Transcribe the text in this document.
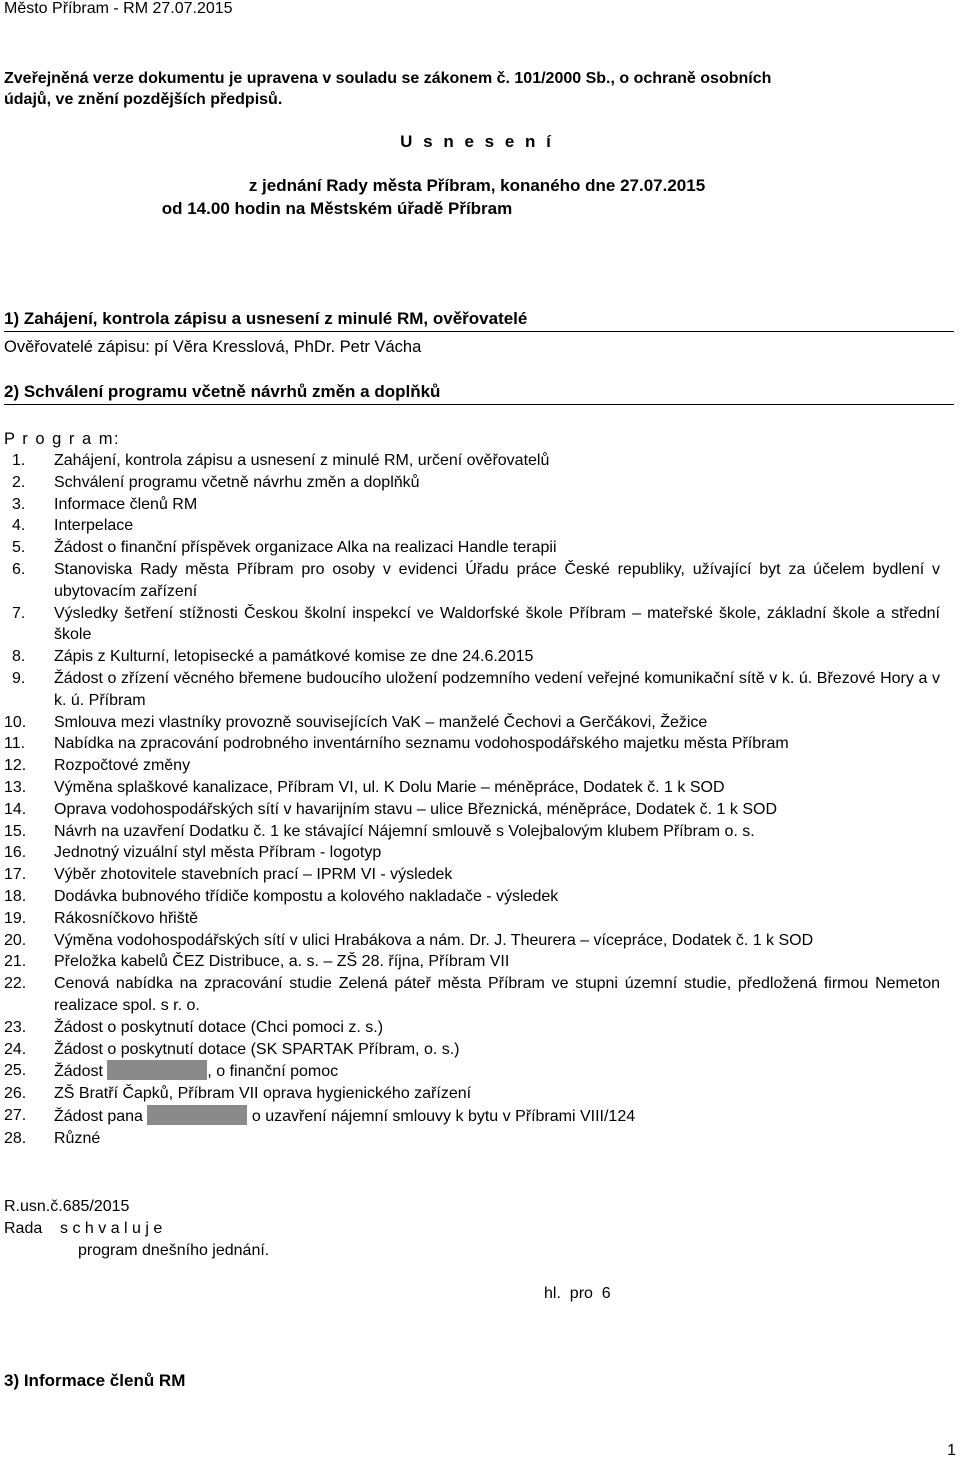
Město Příbram - RM 27.07.2015
Zveřejněná verze dokumentu je upravena v souladu se zákonem č. 101/2000 Sb., o ochraně osobních
údajů, ve znění pozdějších předpisů.
U s n e s e n í
z jednání Rady města Příbram, konaného dne 27.07.2015
od 14.00 hodin na Městském úřadě Příbram
1) Zahájení, kontrola zápisu a usnesení z minulé RM, ověřovatelé
Ověřovatelé zápisu: pí Věra Kresslová, PhDr. Petr Vácha
2) Schválení programu včetně návrhů změn a doplňků
P r o g r a m:
1.	Zahájení, kontrola zápisu a usnesení z minulé RM, určení ověřovatelů
2.	Schválení programu včetně návrhu změn a doplňků
3.	Informace členů RM
4.	Interpelace
5.	Žádost o finanční příspěvek organizace Alka na realizaci Handle terapii
6.	Stanoviska Rady města Příbram pro osoby v evidenci Úřadu práce České republiky, užívající byt za účelem bydlení v ubytovacím zařízení
7.	Výsledky šetření stížnosti Českou školní inspekcí ve Waldorfské škole Příbram – mateřské škole, základní škole a střední škole
8.	Zápis z Kulturní, letopisecké a památkové komise ze dne 24.6.2015
9.	Žádost o zřízení věcného břemene budoucího uložení podzemního vedení veřejné komunikační sítě v k. ú. Březové Hory a v k. ú. Příbram
10.	Smlouva mezi vlastníky provozně souvisejících VaK – manželé Čechovi a Gerčákovi, Žežice
11.	Nabídka na zpracování podrobného inventárního seznamu vodohospodářského majetku města Příbram
12.	Rozpočtové změny
13.	Výměna splaškové kanalizace, Příbram VI, ul. K Dolu Marie – méněpráce, Dodatek č. 1 k SOD
14.	Oprava vodohospodářských sítí v havarijním stavu – ulice Březnická, méněpráce, Dodatek č. 1 k SOD
15.	Návrh na uzavření Dodatku č. 1 ke stávající Nájemní smlouvě s Volejbalovým klubem Příbram o. s.
16.	Jednotný vizuální styl města Příbram - logotyp
17.	Výběr zhotovitele stavebních prací – IPRM VI - výsledek
18.	Dodávka bubnového třídiče kompostu a kolového nakladače - výsledek
19.	Rákosníčkovo hřiště
20.	Výměna vodohospodářských sítí v ulici Hrabákova a nám. Dr. J. Theurera – vícepráce, Dodatek č. 1 k SOD
21.	Přeložka kabelů ČEZ Distribuce, a. s. – ZŠ 28. října, Příbram VII
22.	Cenová nabídka na zpracování studie Zelená páteř města Příbram ve stupni územní studie, předložená firmou Nemeton realizace spol. s r. o.
23.	Žádost o poskytnutí dotace (Chci pomoci z. s.)
24.	Žádost o poskytnutí dotace (SK SPARTAK Příbram, o. s.)
25.	Žádost	, o finanční pomoc
26.	ZŠ Bratří Čapků, Příbram VII oprava hygienického zařízení
27.	Žádost pana	o uzavření nájemní smlouvy k bytu v Příbrami VIII/124
28.	Různé
R.usn.č.685/2015
Rada    s c h v a l u j e
program dnešního jednání.
hl.  pro  6
3) Informace členů RM
1
